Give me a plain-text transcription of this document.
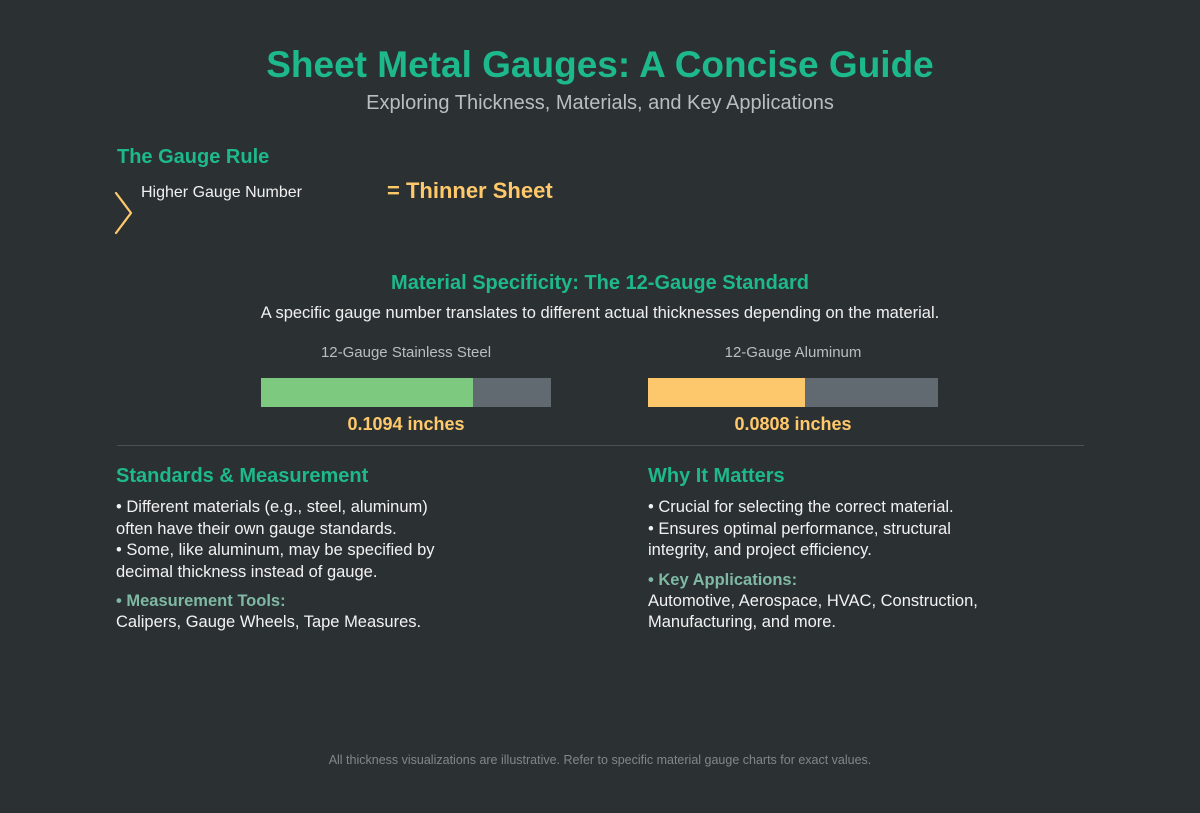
Sheet Metal Gauges: A Concise Guide
Exploring Thickness, Materials, and Key Applications
The Gauge Rule
Higher Gauge Number	= Thinner Sheet
Material Specificity: The 12-Gauge Standard
A specific gauge number translates to different actual thicknesses depending on the material.
12-Gauge Stainless Steel
0.1094 inches
12-Gauge Aluminum
0.0808 inches
Standards & Measurement
• Different materials (e.g., steel, aluminum)
often have their own gauge standards.
• Some, like aluminum, may be specified by
decimal thickness instead of gauge.
• Measurement Tools:
Calipers, Gauge Wheels, Tape Measures.
Why It Matters
• Crucial for selecting the correct material.
• Ensures optimal performance, structural
integrity, and project efficiency.
• Key Applications:
Automotive, Aerospace, HVAC, Construction,
Manufacturing, and more.
All thickness visualizations are illustrative. Refer to specific material gauge charts for exact values.
